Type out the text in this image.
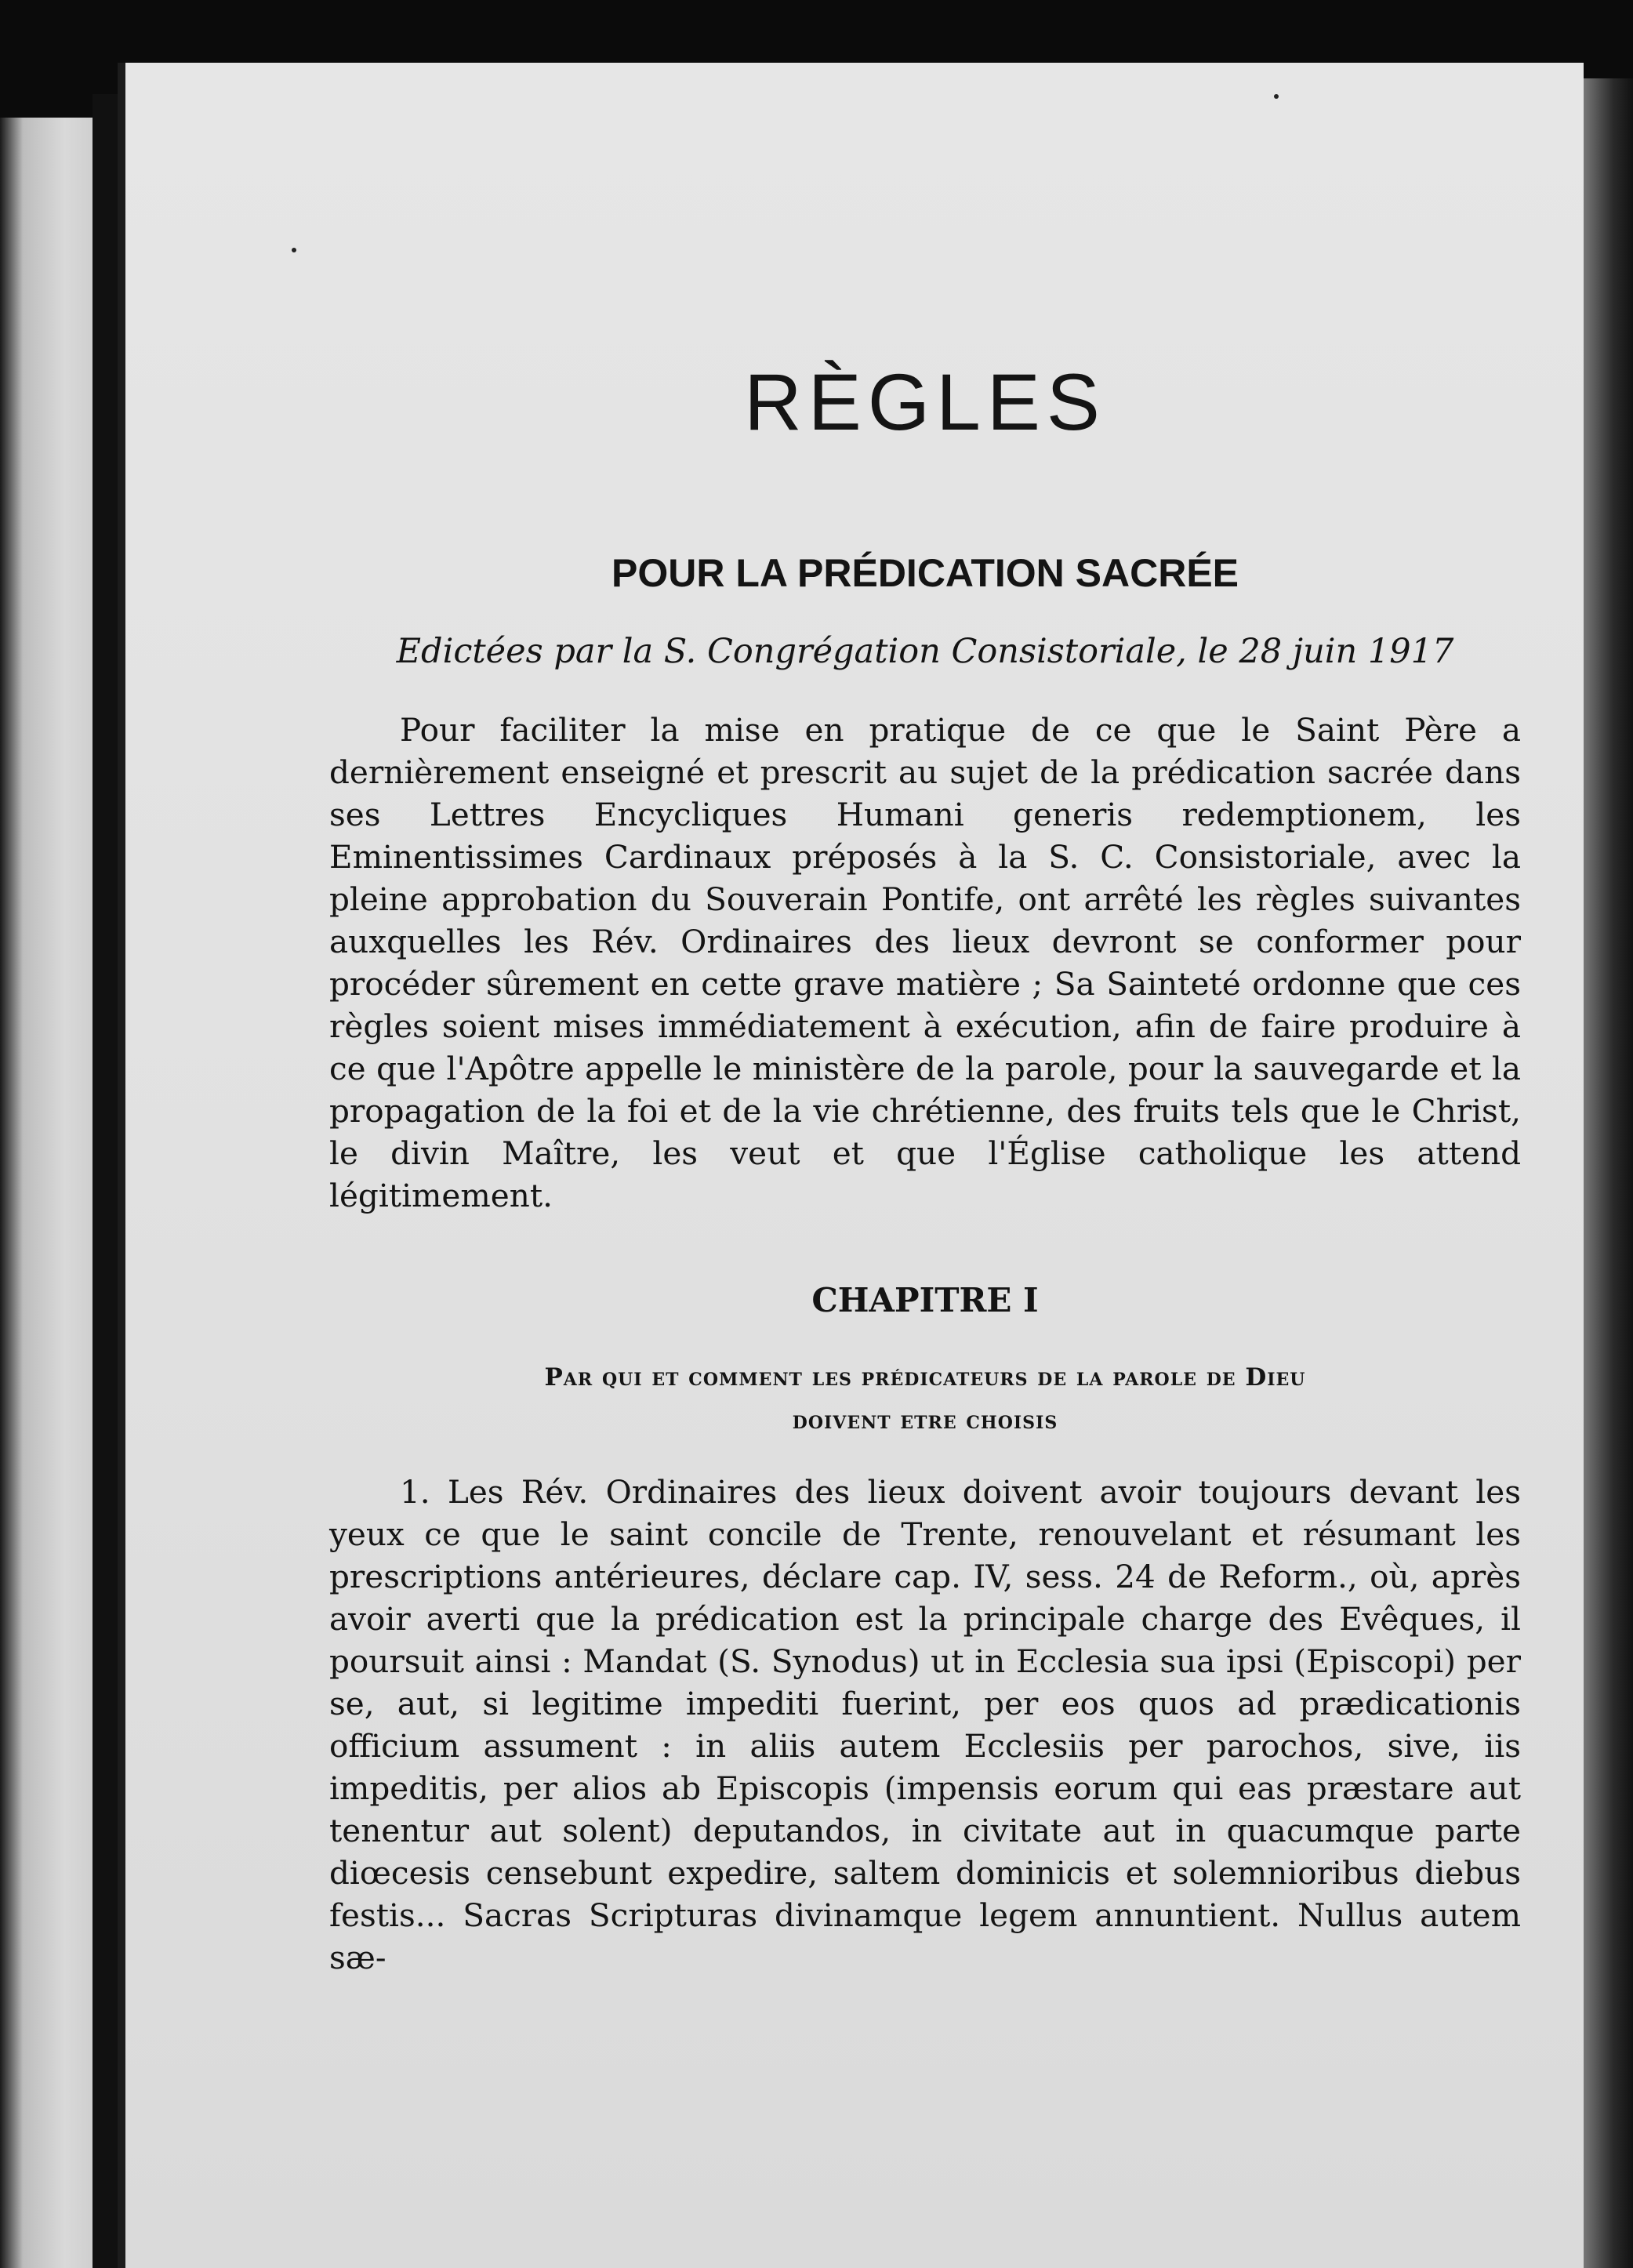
RÈGLES
POUR LA PRÉDICATION SACRÉE

Edictées par la S. Congrégation Consistoriale, le 28 juin 1917

Pour faciliter la mise en pratique de ce que le Saint Père a dernièrement enseigné et prescrit au sujet de la prédication sacrée dans ses Lettres Encycliques Humani generis redemptionem, les Eminentissimes Cardinaux préposés à la S. C. Consistoriale, avec la pleine approbation du Souverain Pontife, ont arrêté les règles suivantes auxquelles les Rév. Ordinaires des lieux devront se conformer pour procéder sûrement en cette grave matière ; Sa Sainteté ordonne que ces règles soient mises immédiatement à exécution, afin de faire produire à ce que l'Apôtre appelle le ministère de la parole, pour la sauvegarde et la propagation de la foi et de la vie chrétienne, des fruits tels que le Christ, le divin Maître, les veut et que l'Église catholique les attend légitimement.

CHAPITRE I
Par qui et comment les prédicateurs de la parole de Dieu
doivent etre choisis

1. Les Rév. Ordinaires des lieux doivent avoir toujours devant les yeux ce que le saint concile de Trente, renouvelant et résumant les prescriptions antérieures, déclare cap. IV, sess. 24 de Reform., où, après avoir averti que la prédication est la principale charge des Evêques, il poursuit ainsi : Mandat (S. Synodus) ut in Ecclesia sua ipsi (Episcopi) per se, aut, si legitime impediti fuerint, per eos quos ad prædicationis officium assument : in aliis autem Ecclesiis per parochos, sive, iis impeditis, per alios ab Episcopis (impensis eorum qui eas præstare aut tenentur aut solent) deputandos, in civitate aut in quacumque parte diœcesis censebunt expedire, saltem dominicis et solemnioribus diebus festis... Sacras Scripturas divinamque legem annuntient. Nullus autem sæ-
